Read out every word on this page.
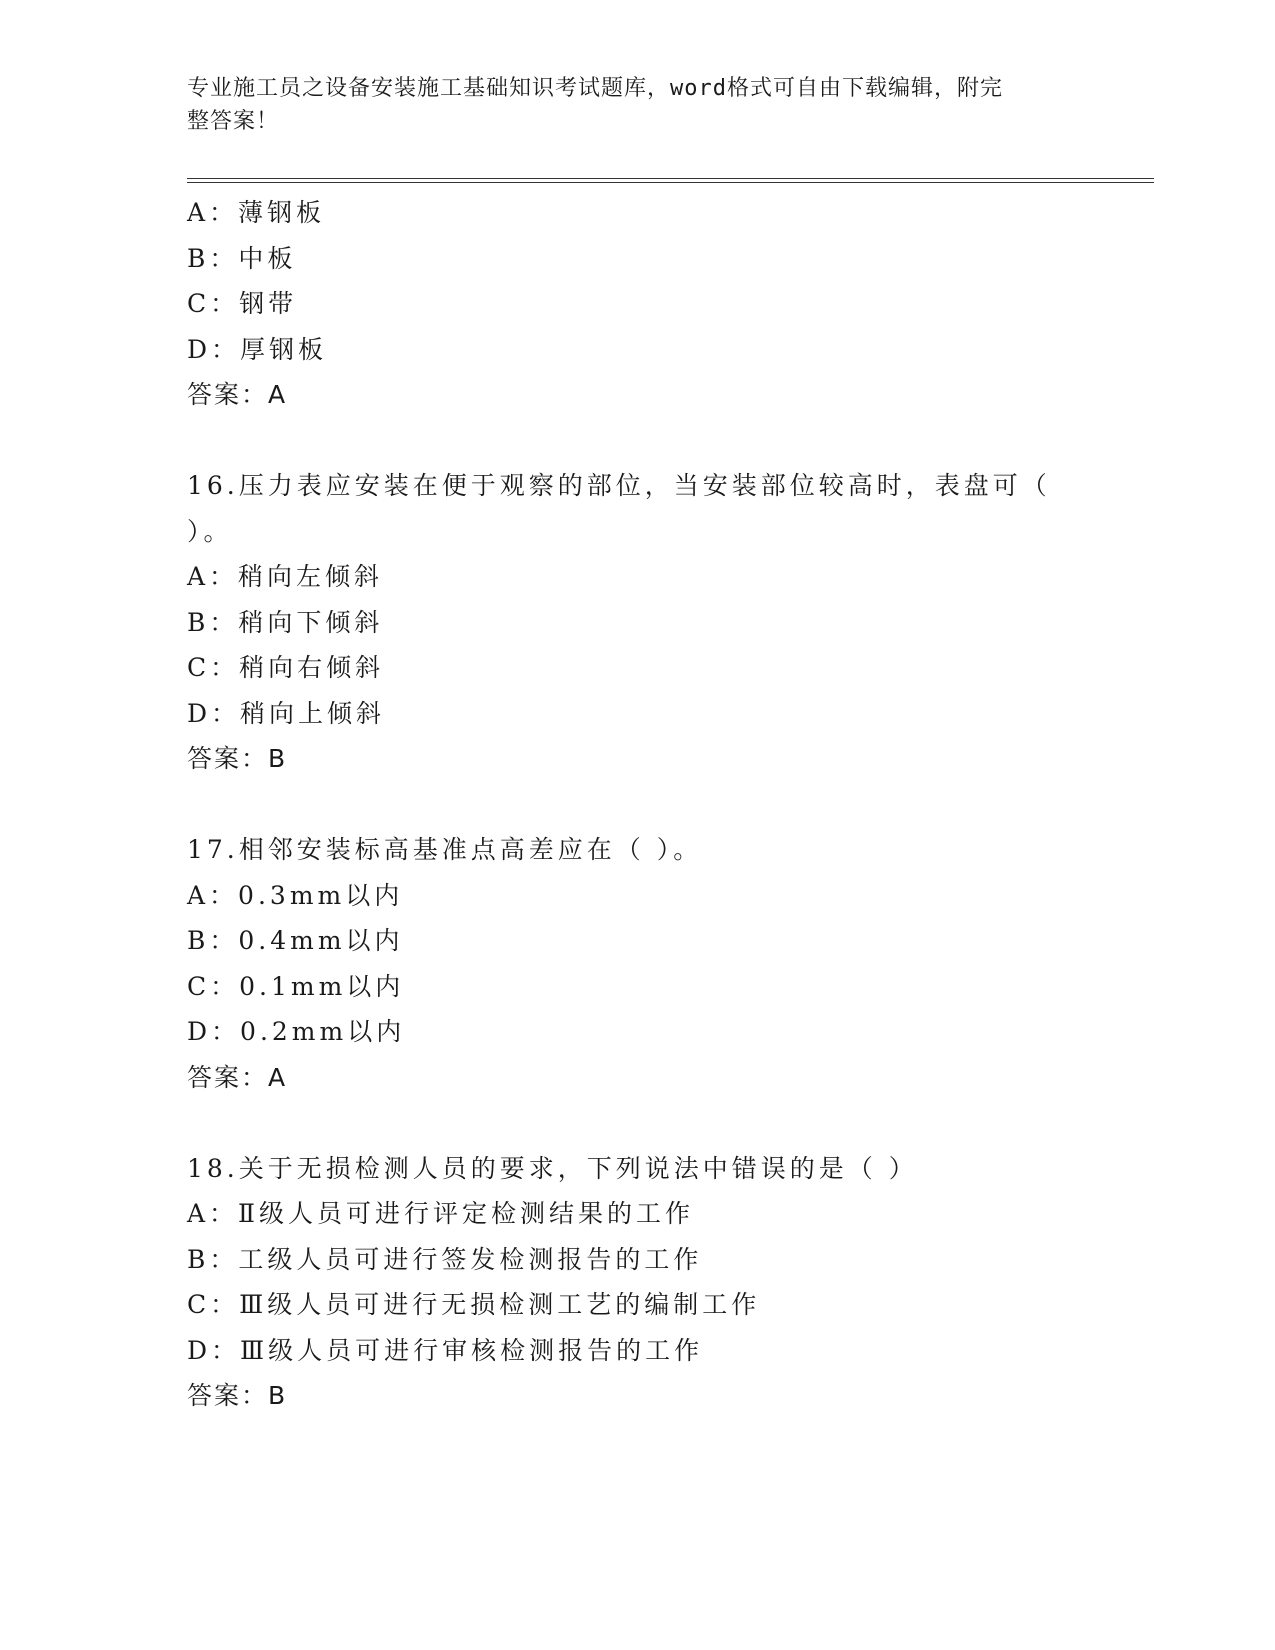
专业施工员之设备安装施工基础知识考试题库，word格式可自由下载编辑，附完
整答案！
A：薄钢板
B：中板
C：钢带
D：厚钢板
答案：A
16.压力表应安装在便于观察的部位，当安装部位较高时，表盘可（
）。
A：稍向左倾斜
B：稍向下倾斜
C：稍向右倾斜
D：稍向上倾斜
答案：B
17.相邻安装标高基准点高差应在（ ）。
A：0.3mm以内
B：0.4mm以内
C：0.1mm以内
D：0.2mm以内
答案：A
18.关于无损检测人员的要求，下列说法中错误的是（ ）
A：Ⅱ级人员可进行评定检测结果的工作
B：工级人员可进行签发检测报告的工作
C：Ⅲ级人员可进行无损检测工艺的编制工作
D：Ⅲ级人员可进行审核检测报告的工作
答案：B
